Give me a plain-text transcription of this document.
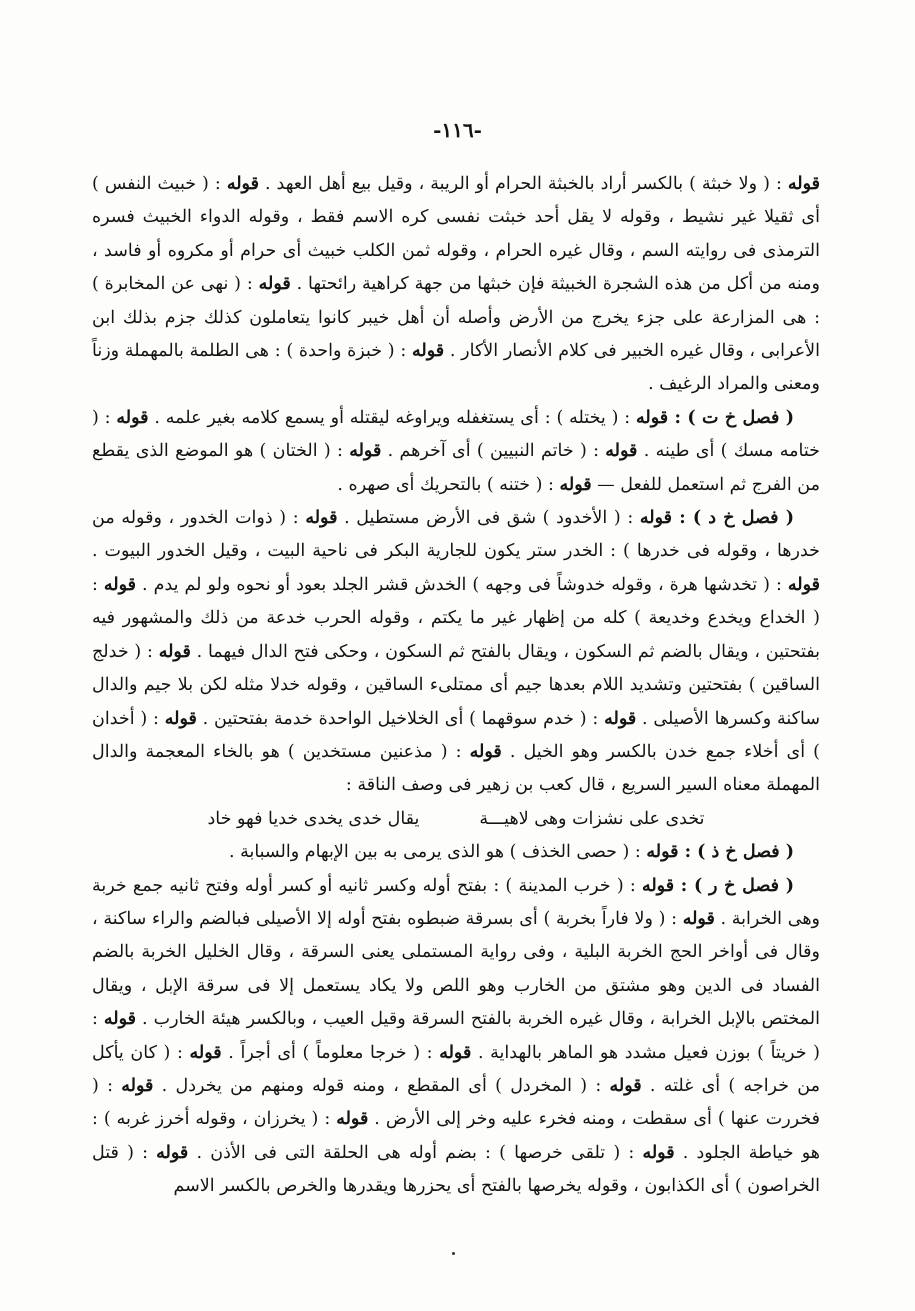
-١١٦-

قوله : ( ولا خبثة ) بالكسر أراد بالخبثة الحرام أو الريبة ، وقيل بيع أهل العهد . قوله : ( خبيث النفس ) أى ثقيلا غير نشيط ، وقوله لا يقل أحد خبثت نفسى كره الاسم فقط ، وقوله الدواء الخبيث فسره الترمذى فى روايته السم ، وقال غيره الحرام ، وقوله ثمن الكلب خبيث أى حرام أو مكروه أو فاسد ، ومنه من أكل من هذه الشجرة الخبيثة فإن خبثها من جهة كراهية رائحتها . قوله : ( نهى عن المخابرة ) : هى المزارعة على جزء يخرج من الأرض وأصله أن أهل خيبر كانوا يتعاملون كذلك جزم بذلك ابن الأعرابى ، وقال غيره الخبير فى كلام الأنصار الأكار . قوله : ( خبزة واحدة ) : هى الطلمة بالمهملة وزناً ومعنى والمراد الرغيف .

( فصل خ ت ) : قوله : ( يختله ) : أى يستغفله ويراوغه ليقتله أو يسمع كلامه بغير علمه . قوله : ( ختامه مسك ) أى طينه . قوله : ( خاتم النبيين ) أى آخرهم . قوله : ( الختان ) هو الموضع الذى يقطع من الفرج ثم استعمل للفعل — قوله : ( ختنه ) بالتحريك أى صهره .

( فصل خ د ) : قوله : ( الأخدود ) شق فى الأرض مستطيل . قوله : ( ذوات الخدور ، وقوله من خدرها ، وقوله فى خدرها ) : الخدر ستر يكون للجارية البكر فى ناحية البيت ، وقيل الخدور البيوت . قوله : ( تخدشها هرة ، وقوله خدوشاً فى وجهه ) الخدش قشر الجلد بعود أو نحوه ولو لم يدم . قوله : ( الخداع ويخدع وخديعة ) كله من إظهار غير ما يكتم ، وقوله الحرب خدعة من ذلك والمشهور فيه بفتحتين ، ويقال بالضم ثم السكون ، ويقال بالفتح ثم السكون ، وحكى فتح الدال فيهما . قوله : ( خدلج الساقين ) بفتحتين وتشديد اللام بعدها جيم أى ممتلىء الساقين ، وقوله خدلا مثله لكن بلا جيم والدال ساكنة وكسرها الأصيلى . قوله : ( خدم سوقهما ) أى الخلاخيل الواحدة خدمة بفتحتين . قوله : ( أخدان ) أى أخلاء جمع خدن بالكسر وهو الخيل . قوله : ( مذعنين مستخدين ) هو بالخاء المعجمة والدال المهملة معناه السير السريع ، قال كعب بن زهير فى وصف الناقة :

تخدى على نشزات وهى لاهيـــة
يقال خدى يخدى خديا فهو خاد

( فصل خ ذ ) : قوله : ( حصى الخذف ) هو الذى يرمى به بين الإبهام والسبابة .

( فصل خ ر ) : قوله : ( خرب المدينة ) : بفتح أوله وكسر ثانيه أو كسر أوله وفتح ثانيه جمع خربة وهى الخرابة . قوله : ( ولا فاراً بخربة ) أى بسرقة ضبطوه بفتح أوله إلا الأصيلى فبالضم والراء ساكنة ، وقال فى أواخر الحج الخربة البلية ، وفى رواية المستملى يعنى السرقة ، وقال الخليل الخربة بالضم الفساد فى الدين وهو مشتق من الخارب وهو اللص ولا يكاد يستعمل إلا فى سرقة الإبل ، ويقال المختص بالإبل الخرابة ، وقال غيره الخربة بالفتح السرقة وقيل العيب ، وبالكسر هيئة الخارب . قوله : ( خريتاً ) بوزن فعيل مشدد هو الماهر بالهداية . قوله : ( خرجا معلوماً ) أى أجراً . قوله : ( كان يأكل من خراجه ) أى غلته . قوله : ( المخردل ) أى المقطع ، ومنه قوله ومنهم من يخردل . قوله : ( فخررت عنها ) أى سقطت ، ومنه فخرء عليه وخر إلى الأرض . قوله : ( يخرزان ، وقوله أخرز غربه ) : هو خياطة الجلود . قوله : ( تلقى خرصها ) : بضم أوله هى الحلقة التى فى الأذن . قوله : ( قتل الخراصون ) أى الكذابون ، وقوله يخرصها بالفتح أى يحزرها ويقدرها والخرص بالكسر الاسم
